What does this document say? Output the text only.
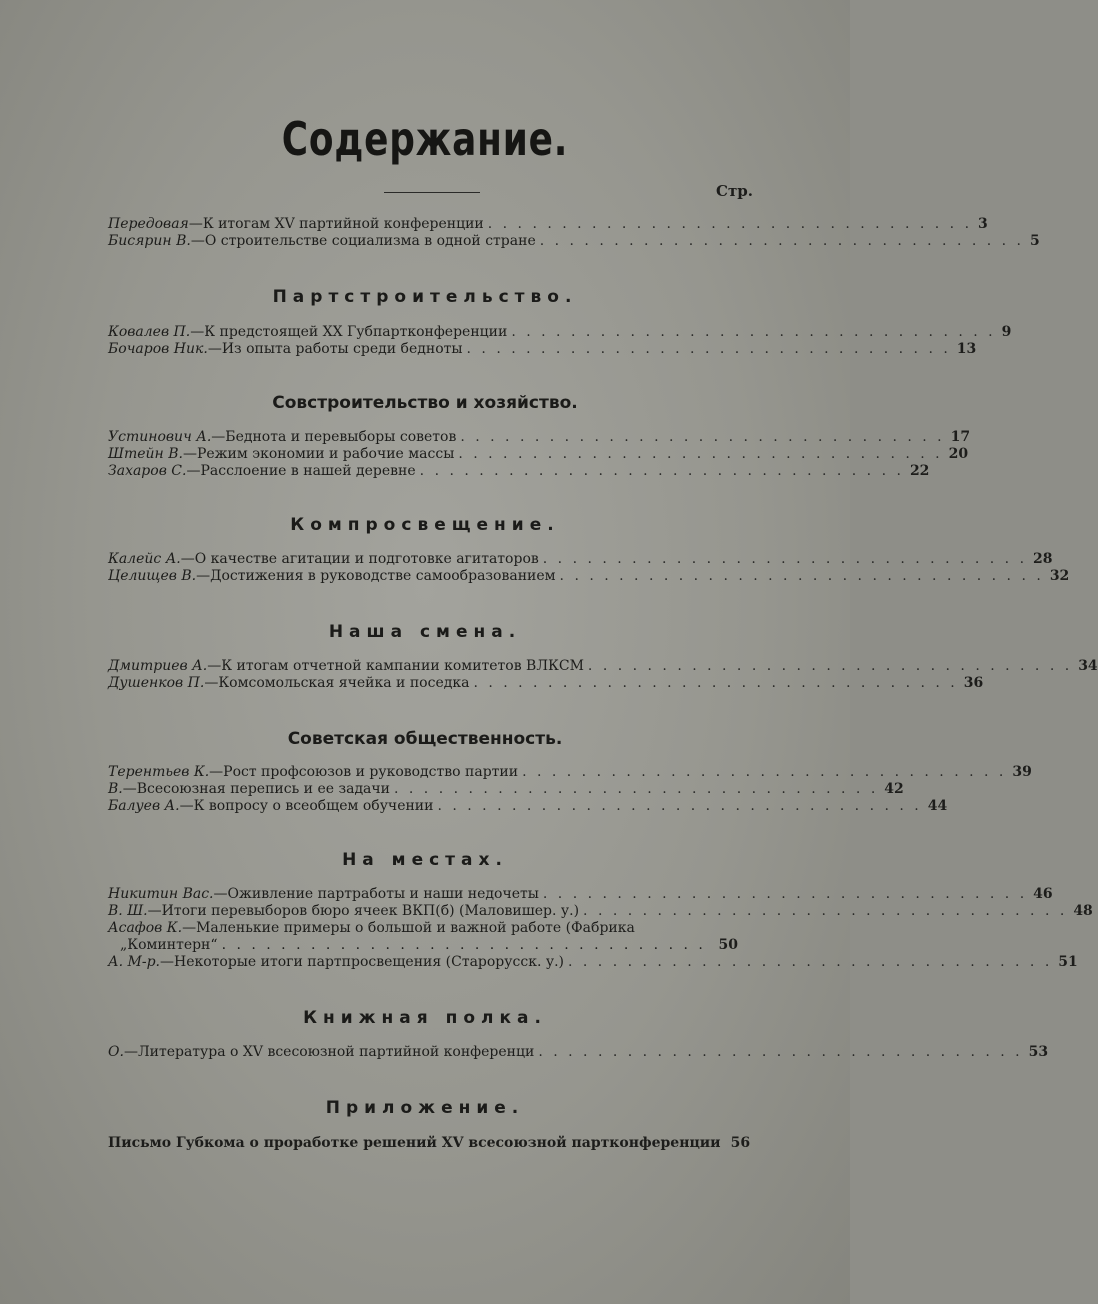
Содержание.
Стр.
Передовая — К итогам XV партийной конференции . . . . . . . . . . . . . . . . . . . . . . . . . . . . . . . . . 3
Бисярин В. — О строительстве социализма в одной стране . . . . . . . . . . . . . . . . . . . . . . . . . . . . . . . . . 5
Партстроительство.
Ковалев П. — К предстоящей XX Губпартконференции . . . . . . . . . . . . . . . . . . . . . . . . . . . . . . . . . 9
Бочаров Ник. — Из опыта работы среди бедноты . . . . . . . . . . . . . . . . . . . . . . . . . . . . . . . . . 13
Совстроительство и хозяйство.
Устинович А. — Беднота и перевыборы советов . . . . . . . . . . . . . . . . . . . . . . . . . . . . . . . . . 17
Штейн В. — Режим экономии и рабочие массы . . . . . . . . . . . . . . . . . . . . . . . . . . . . . . . . . 20
Захаров С. — Расслоение в нашей деревне . . . . . . . . . . . . . . . . . . . . . . . . . . . . . . . . . 22
Компросвещение.
Калейс А. — О качестве агитации и подготовке агитаторов . . . . . . . . . . . . . . . . . . . . . . . . . . . . . . . . . 28
Целищев В. — Достижения в руководстве самообразованием . . . . . . . . . . . . . . . . . . . . . . . . . . . . . . . . . 32
Наша смена.
Дмитриев А. — К итогам отчетной кампании комитетов ВЛКСМ . . . . . . . . . . . . . . . . . . . . . . . . . . . . . . . . . 34
Душенков П. — Комсомольская ячейка и поседка . . . . . . . . . . . . . . . . . . . . . . . . . . . . . . . . . 36
Советская общественность.
Терентьев К. — Рост профсоюзов и руководство партии . . . . . . . . . . . . . . . . . . . . . . . . . . . . . . . . . 39
В. — Всесоюзная перепись и ее задачи . . . . . . . . . . . . . . . . . . . . . . . . . . . . . . . . . 42
Балуев А. — К вопросу о всеобщем обучении . . . . . . . . . . . . . . . . . . . . . . . . . . . . . . . . . 44
На местах.
Никитин Вас. — Оживление партработы и наши недочеты . . . . . . . . . . . . . . . . . . . . . . . . . . . . . . . . . 46
В. Ш. — Итоги перевыборов бюро ячеек ВКП(б) (Маловишер. у.) . . . . . . . . . . . . . . . . . . . . . . . . . . . . . . . . . 48
Асафов К. — Маленькие примеры о большой и важной работе (Фабрика
„Коминтерн“ . . . . . . . . . . . . . . . . . . . . . . . . . . . . . . . . . 50
А. М-р. — Некоторые итоги партпросвещения (Старорусск. у.) . . . . . . . . . . . . . . . . . . . . . . . . . . . . . . . . . 51
Книжная полка.
О. — Литература о XV всесоюзной партийной конференци . . . . . . . . . . . . . . . . . . . . . . . . . . . . . . . . . 53
Приложение.
Письмо Губкома о проработке решений XV всесоюзной партконференции 56
